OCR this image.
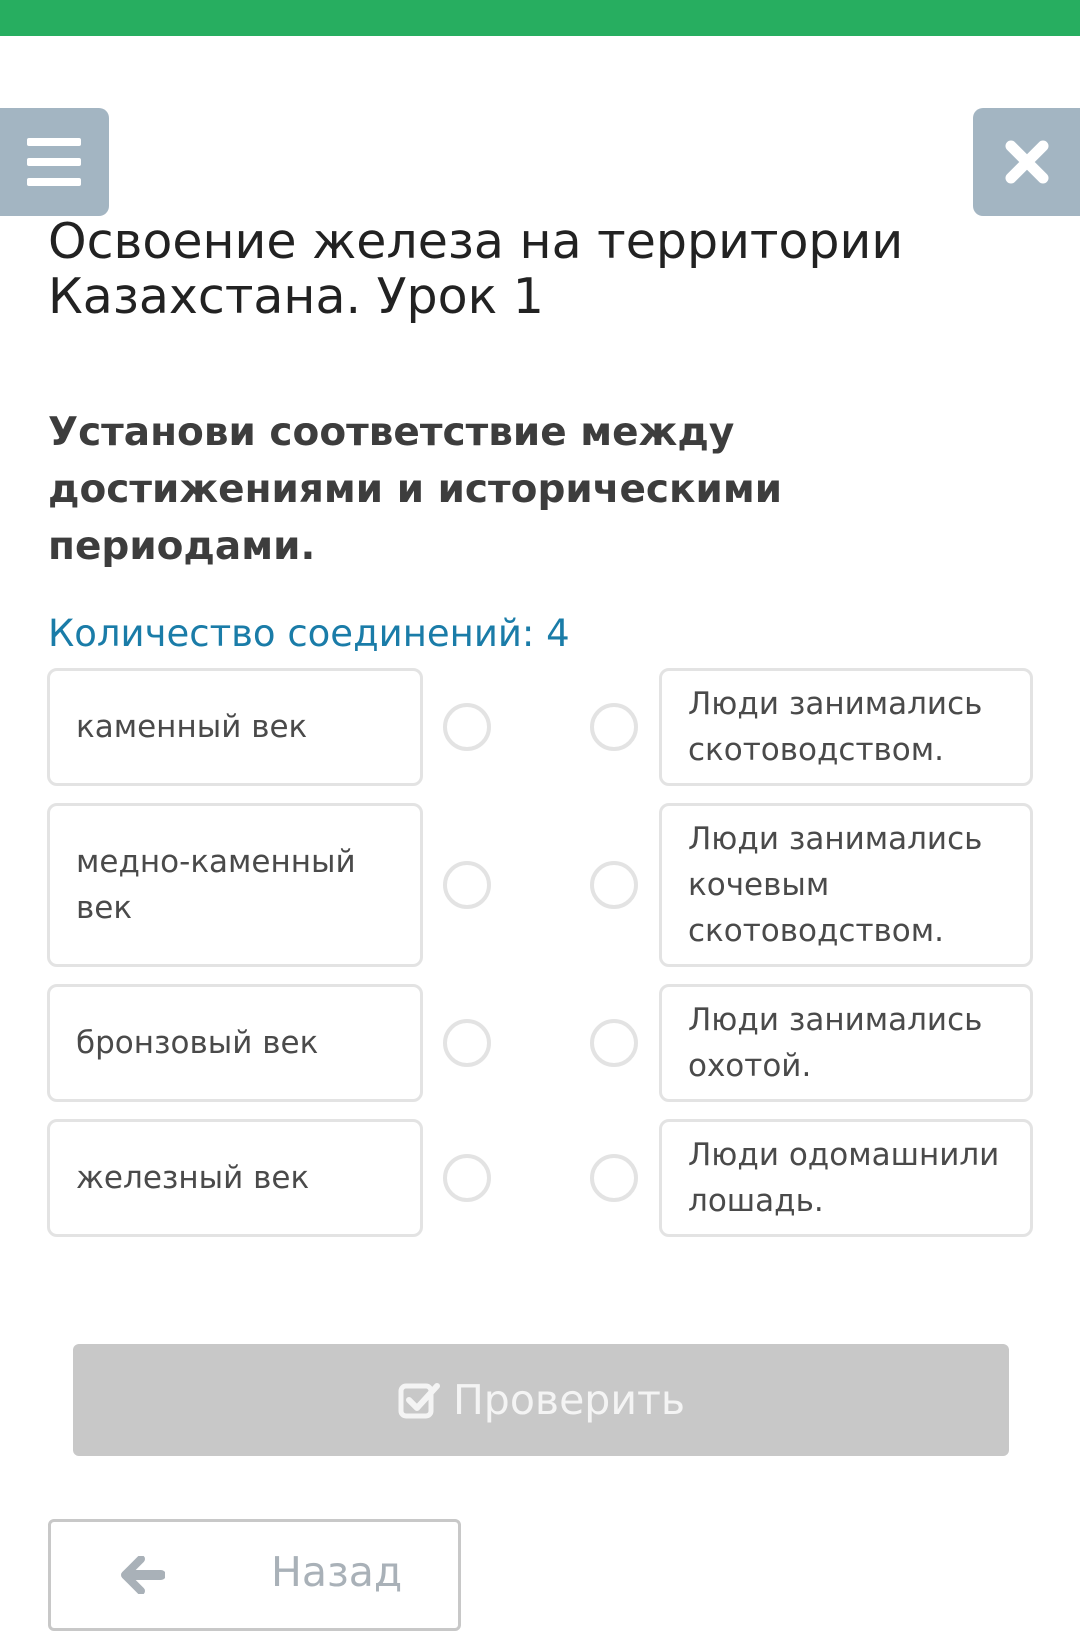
Освоение железа на территории Казахстана. Урок 1
Установи соответствие между достижениями и историческими периодами.
Количество соединений: 4
каменный век
медно-каменный век
бронзовый век
железный век
Люди занимались скотоводством.
Люди занимались кочевым скотоводством.
Люди занимались охотой.
Люди одомашнили лошадь.
Проверить
Назад
